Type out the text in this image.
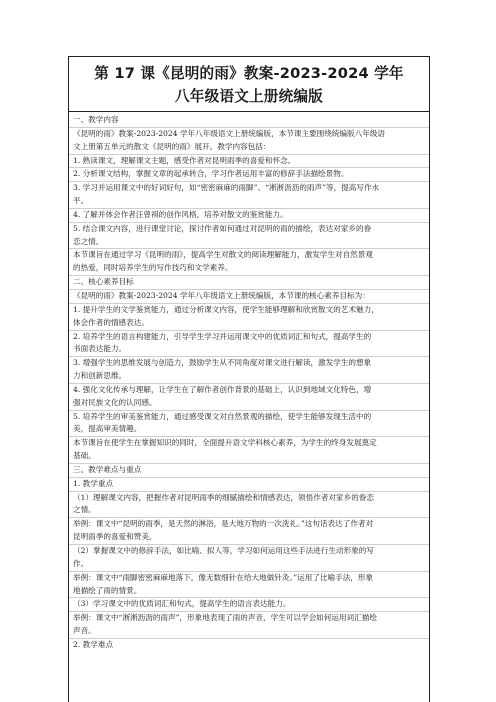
第 17 课《昆明的雨》教案-2023-2024 学年
八年级语文上册统编版
一、教学内容
《昆明的雨》教案-2023-2024 学年八年级语文上册统编版，本节课主要围绕统编版八年级语
文上册第五单元的散文《昆明的雨》展开。教学内容包括：
1. 熟读课文，理解课文主题，感受作者对昆明雨季的喜爱和怀念。
2. 分析课文结构，掌握文章的起承转合，学习作者运用丰富的修辞手法描绘景物。
3. 学习并运用课文中的好词好句，如“密密麻麻的雨脚”、“淅淅沥沥的雨声”等，提高写作水
平。
4. 了解并体会作者汪曾祺的创作风格，培养对散文的鉴赏能力。
5. 结合课文内容，进行课堂讨论，探讨作者如何通过对昆明的雨的描绘，表达对家乡的眷
恋之情。
本节课旨在通过学习《昆明的雨》，提高学生对散文的阅读理解能力，激发学生对自然景观
的热爱，同时培养学生的写作技巧和文学素养。
二、核心素养目标
《昆明的雨》教案-2023-2024 学年八年级语文上册统编版，本节课的核心素养目标为：
1. 提升学生的文学鉴赏能力，通过分析课文内容，使学生能够理解和欣赏散文的艺术魅力，
体会作者的情感表达。
2. 培养学生的语言构建能力，引导学生学习并运用课文中的优质词汇和句式，提高学生的
书面表达能力。
3. 增强学生的思维发展与创造力，鼓励学生从不同角度对课文进行解读，激发学生的想象
力和创新思维。
4. 强化文化传承与理解，让学生在了解作者创作背景的基础上，认识到地域文化特色，增
强对民族文化的认同感。
5. 培养学生的审美鉴赏能力，通过感受课文对自然景观的描绘，使学生能够发现生活中的
美，提高审美情趣。
本节课旨在使学生在掌握知识的同时，全面提升语文学科核心素养，为学生的终身发展奠定
基础。
三、教学难点与重点
1. 教学重点
（1）理解课文内容，把握作者对昆明雨季的细腻描绘和情感表达，领悟作者对家乡的眷恋
之情。
举例：课文中“昆明的雨季，是天然的淋浴，是大地万物的一次洗礼。”这句话表达了作者对
昆明雨季的喜爱和赞美。
（2）掌握课文中的修辞手法，如比喻、拟人等，学习如何运用这些手法进行生动形象的写
作。
举例：课文中“雨脚密密麻麻地落下，像无数细针在给大地做针灸。”运用了比喻手法，形象
地描绘了雨的情景。
（3）学习课文中的优质词汇和句式，提高学生的语言表达能力。
举例：课文中“淅淅沥沥的雨声”，形象地表现了雨的声音，学生可以学会如何运用词汇描绘
声音。
2. 教学难点
